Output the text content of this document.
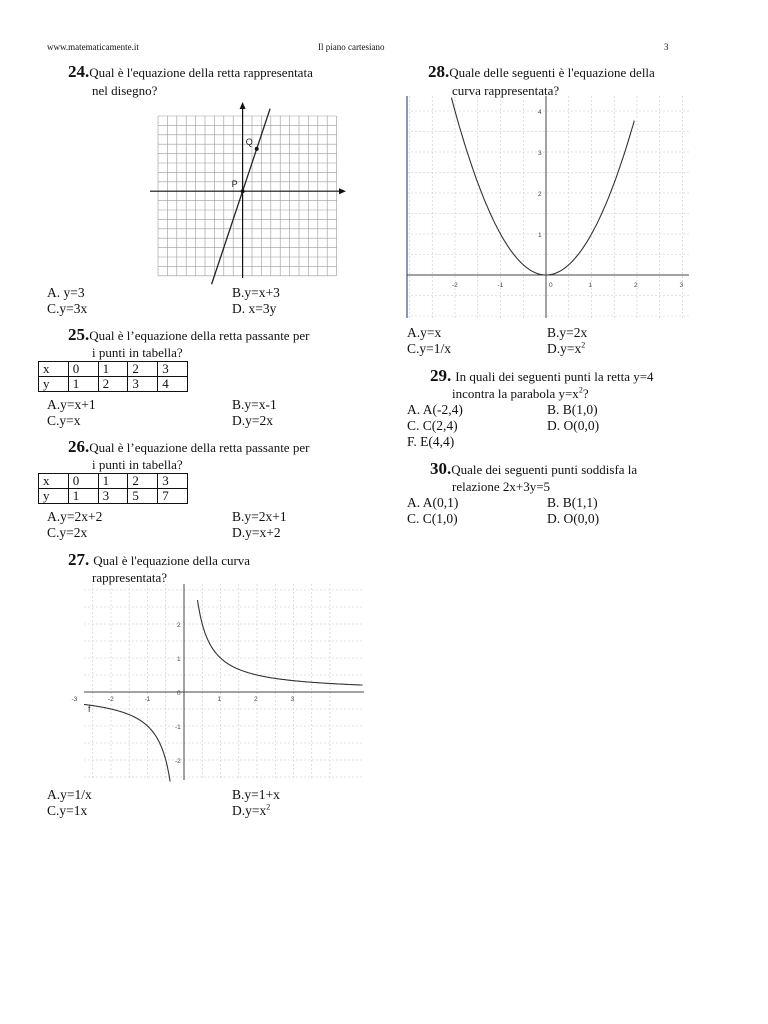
www.matematicamente.it	Il piano cartesiano	3
24.Qual è l'equazione della retta rappresentata
nel disegno?
P
Q
A. y=3	B.y=x+3
C.y=3x	D. x=3y
25.Qual è l’equazione della retta passante per
i punti in tabella?
x	0	1	2	3
y	1	2	3	4
A.y=x+1	B.y=x-1
C.y=x	D.y=2x
26.Qual è l’equazione della retta passante per
i punti in tabella?
x	0	1	2	3
y	1	3	5	7
A.y=2x+2	B.y=2x+1
C.y=2x	D.y=x+2
27. Qual è l'equazione della curva
rappresentata?
-3	-2	-1	1	2	3
-2
-1
0
1
2
f
A.y=1/x	B.y=1+x
C.y=1x	$D.y=x^2$
28.Quale delle seguenti è l'equazione della
curva rappresentata?
-2	-1	0	1	2	3
1
2
3
4
A.y=x	B.y=2x
C.y=1/x	$D.y=x^2$
29. In quali dei seguenti punti la retta y=4
incontra la parabola $y=x^2$?
A. A(-2,4)	B. B(1,0)
C. C(2,4)	D. O(0,0)
F. E(4,4)
30.Quale dei seguenti punti soddisfa la
relazione 2x+3y=5
A. A(0,1)	B. B(1,1)
C. C(1,0)	D. O(0,0)
